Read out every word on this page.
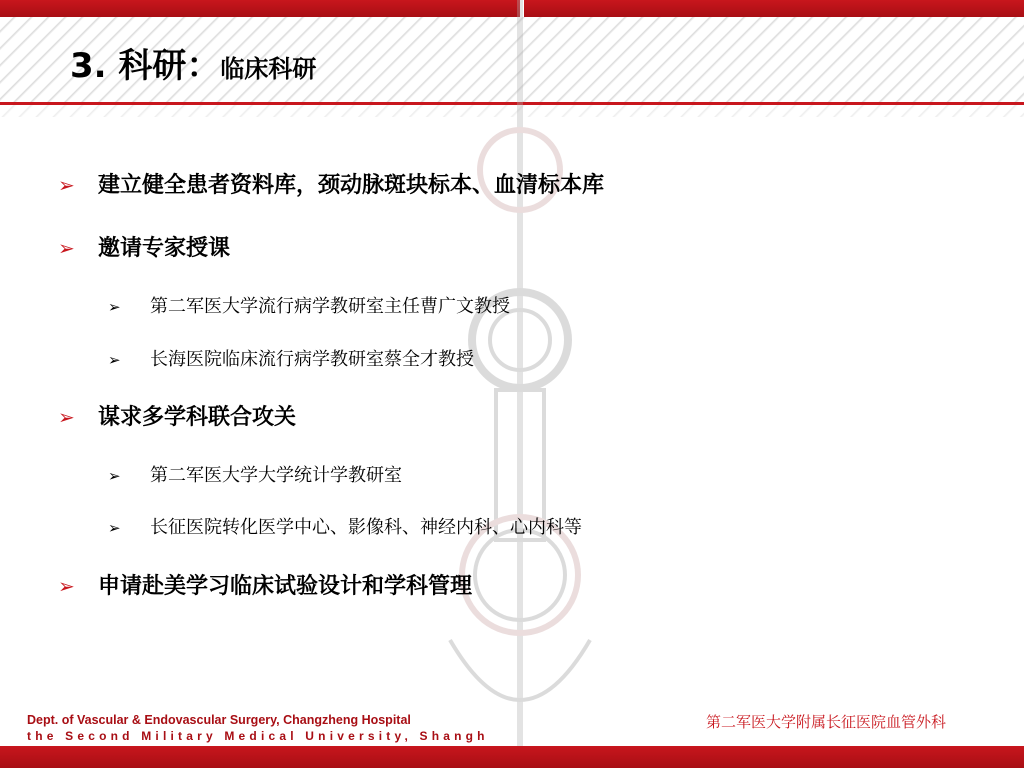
3. 科研：临床科研
➢ 建立健全患者资料库，颈动脉斑块标本、血清标本库
➢ 邀请专家授课
➢ 第二军医大学流行病学教研室主任曹广文教授
➢ 长海医院临床流行病学教研室蔡全才教授
➢ 谋求多学科联合攻关
➢ 第二军医大学大学统计学教研室
➢ 长征医院转化医学中心、影像科、神经内科、心内科等
➢ 申请赴美学习临床试验设计和学科管理
Dept. of Vascular & Endovascular Surgery, Changzheng Hospital
the Second Military Medical University, Shangh
第二军医大学附属长征医院血管外科
